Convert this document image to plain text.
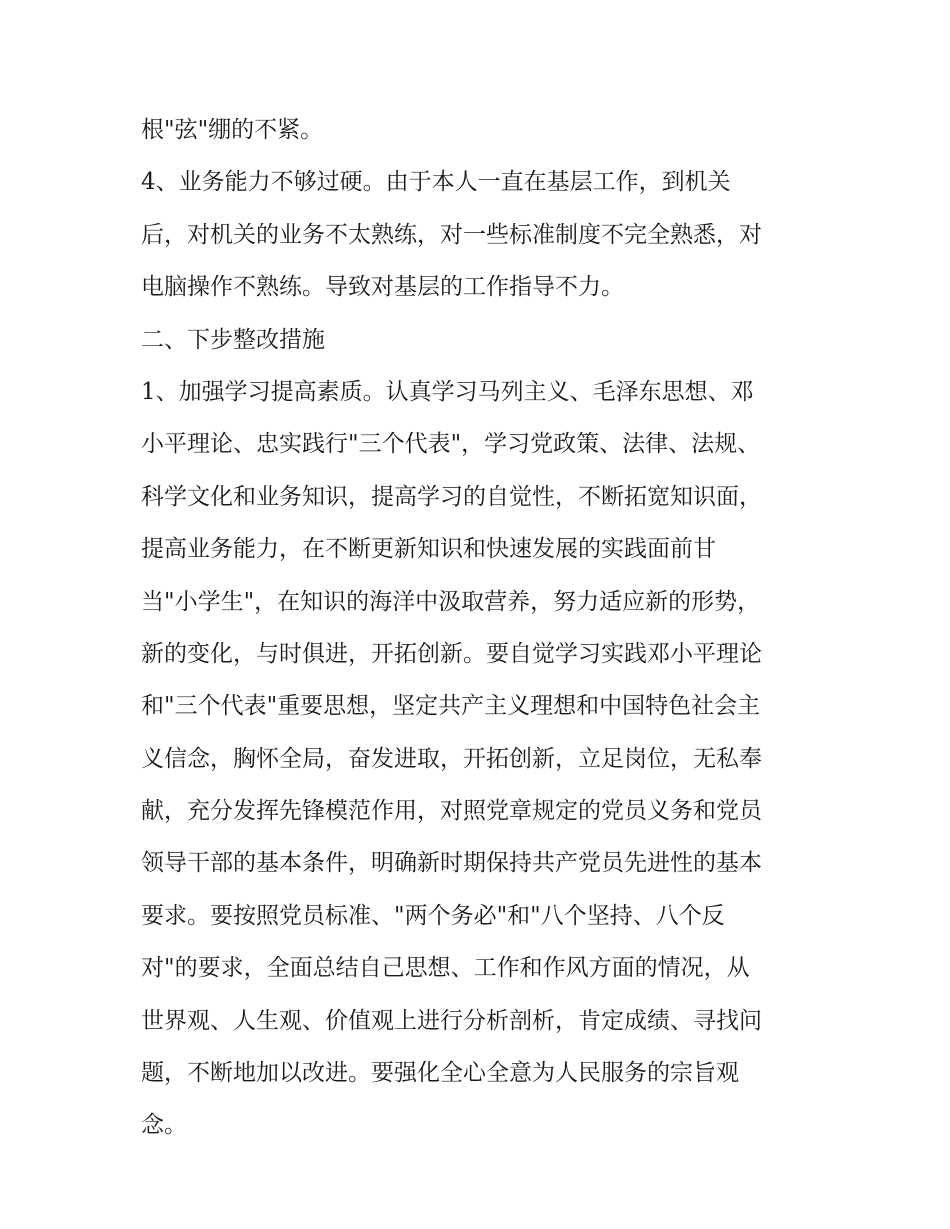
根"弦"绷的不紧。
4、业务能力不够过硬。由于本人一直在基层工作，到机关
后，对机关的业务不太熟练，对一些标准制度不完全熟悉，对
电脑操作不熟练。导致对基层的工作指导不力。
二、下步整改措施
1、加强学习提高素质。认真学习马列主义、毛泽东思想、邓
小平理论、忠实践行"三个代表"，学习党政策、法律、法规、
科学文化和业务知识，提高学习的自觉性，不断拓宽知识面，
提高业务能力，在不断更新知识和快速发展的实践面前甘
当"小学生"，在知识的海洋中汲取营养，努力适应新的形势，
新的变化，与时俱进，开拓创新。要自觉学习实践邓小平理论
和"三个代表"重要思想，坚定共产主义理想和中国特色社会主
义信念，胸怀全局，奋发进取，开拓创新，立足岗位，无私奉
献，充分发挥先锋模范作用，对照党章规定的党员义务和党员
领导干部的基本条件，明确新时期保持共产党员先进性的基本
要求。要按照党员标准、"两个务必"和"八个坚持、八个反
对"的要求，全面总结自己思想、工作和作风方面的情况，从
世界观、人生观、价值观上进行分析剖析，肯定成绩、寻找问
题，不断地加以改进。要强化全心全意为人民服务的宗旨观
念。
